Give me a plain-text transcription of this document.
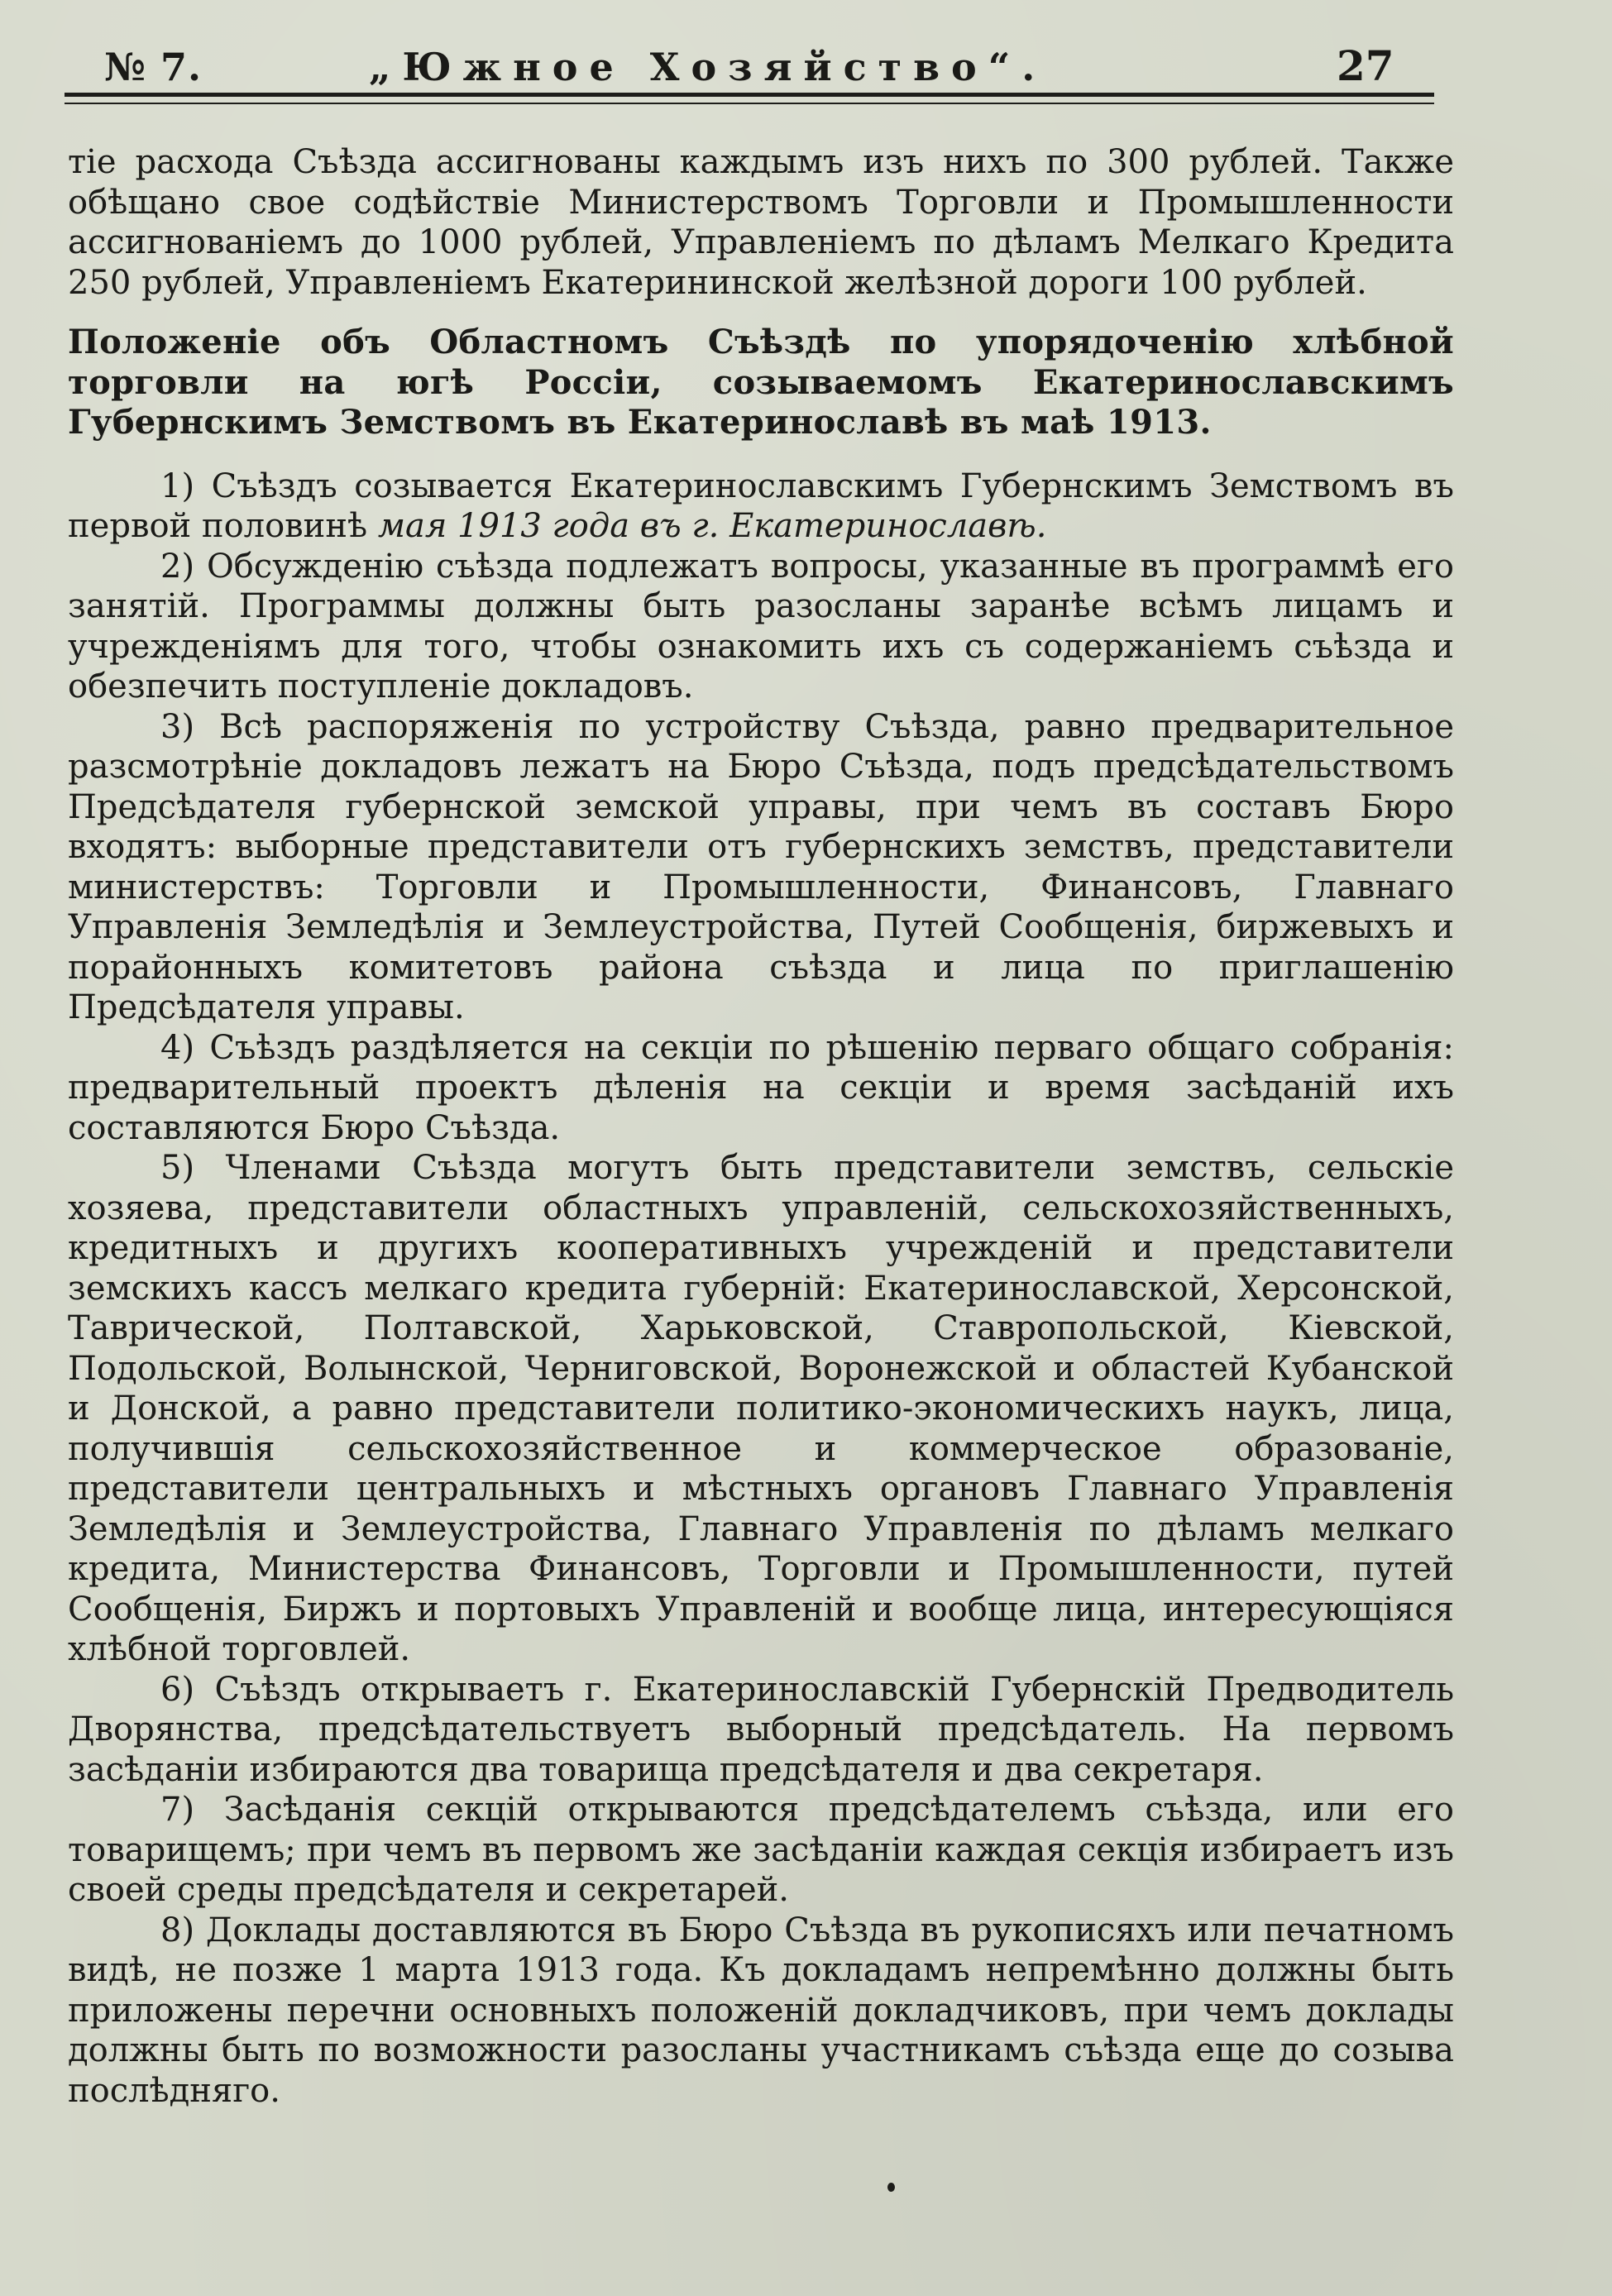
№ 7.	„Южное Хозяйство“.	27

тіе расхода Съѣзда ассигнованы каждымъ изъ нихъ по 300 рублей. Также обѣщано свое содѣйствіе Министерствомъ Торговли и Промышленности ассигнованіемъ до 1000 рублей, Управленіемъ по дѣламъ Мелкаго Кредита 250 рублей, Управленіемъ Екатерининской желѣзной дороги 100 рублей.

Положеніе объ Областномъ Съѣздѣ по упорядоченію хлѣбной торговли на югѣ Россіи, созываемомъ Екатеринославскимъ Губернскимъ Земствомъ въ Екатеринославѣ въ маѣ 1913.

1) Съѣздъ созывается Екатеринославскимъ Губернскимъ Земствомъ въ первой половинѣ мая 1913 года въ г. Екатеринославѣ.

2) Обсужденію съѣзда подлежатъ вопросы, указанные въ программѣ его занятій. Программы должны быть разосланы заранѣе всѣмъ лицамъ и учрежденіямъ для того, чтобы ознакомить ихъ съ содержаніемъ съѣзда и обезпечить поступленіе докладовъ.

3) Всѣ распоряженія по устройству Съѣзда, равно предварительное разсмотрѣніе докладовъ лежатъ на Бюро Съѣзда, подъ предсѣдательствомъ Предсѣдателя губернской земской управы, при чемъ въ составъ Бюро входятъ: выборные представители отъ губернскихъ земствъ, представители министерствъ: Торговли и Промышленности, Финансовъ, Главнаго Управленія Земледѣлія и Землеустройства, Путей Сообщенія, биржевыхъ и порайонныхъ комитетовъ района съѣзда и лица по приглашенію Предсѣдателя управы.

4) Съѣздъ раздѣляется на секціи по рѣшенію перваго общаго собранія: предварительный проектъ дѣленія на секціи и время засѣданій ихъ составляются Бюро Съѣзда.

5) Членами Съѣзда могутъ быть представители земствъ, сельскіе хозяева, представители областныхъ управленій, сельскохозяйственныхъ, кредитныхъ и другихъ кооперативныхъ учрежденій и представители земскихъ кассъ мелкаго кредита губерній: Екатеринославской, Херсонской, Таврической, Полтавской, Харьковской, Ставропольской, Кіевской, Подольской, Волынской, Черниговской, Воронежской и областей Кубанской и Донской, а равно представители политико-экономическихъ наукъ, лица, получившія сельскохозяйственное и коммерческое образованіе, представители центральныхъ и мѣстныхъ органовъ Главнаго Управленія Земледѣлія и Землеустройства, Главнаго Управленія по дѣламъ мелкаго кредита, Министерства Финансовъ, Торговли и Промышленности, путей Сообщенія, Биржъ и портовыхъ Управленій и вообще лица, интересующіяся хлѣбной торговлей.

6) Съѣздъ открываетъ г. Екатеринославскій Губернскій Предводитель Дворянства, предсѣдательствуетъ выборный предсѣдатель. На первомъ засѣданіи избираются два товарища предсѣдателя и два секретаря.

7) Засѣданія секцій открываются предсѣдателемъ съѣзда, или его товарищемъ; при чемъ въ первомъ же засѣданіи каждая секція избираетъ изъ своей среды предсѣдателя и секретарей.

8) Доклады доставляются въ Бюро Съѣзда въ рукописяхъ или печатномъ видѣ, не позже 1 марта 1913 года. Къ докладамъ непремѣнно должны быть приложены перечни основныхъ положеній докладчиковъ, при чемъ доклады должны быть по возможности разосланы участникамъ съѣзда еще до созыва послѣдняго.
